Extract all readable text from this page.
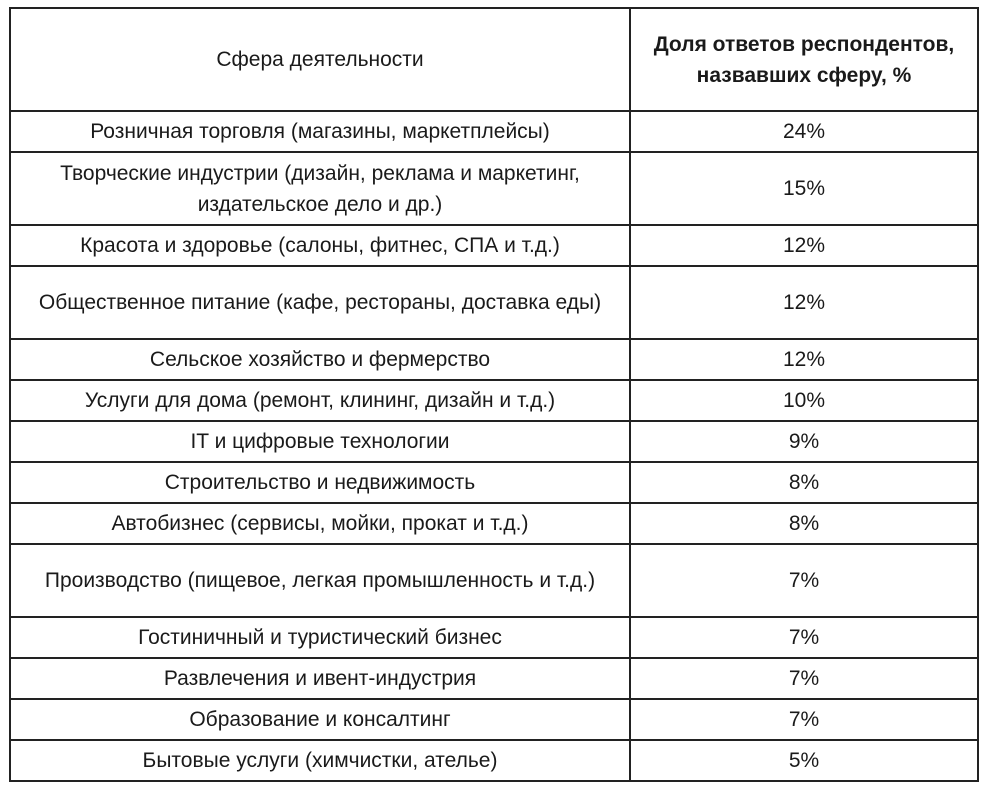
Сфера деятельности	Доля ответов респондентов, назвавших сферу, %
Розничная торговля (магазины, маркетплейсы)	24%
Творческие индустрии (дизайн, реклама и маркетинг, издательское дело и др.)	15%
Красота и здоровье (салоны, фитнес, СПА и т.д.)	12%
Общественное питание (кафе, рестораны, доставка еды)	12%
Сельское хозяйство и фермерство	12%
Услуги для дома (ремонт, клининг, дизайн и т.д.)	10%
IT и цифровые технологии	9%
Строительство и недвижимость	8%
Автобизнес (сервисы, мойки, прокат и т.д.)	8%
Производство (пищевое, легкая промышленность и т.д.)	7%
Гостиничный и туристический бизнес	7%
Развлечения и ивент-индустрия	7%
Образование и консалтинг	7%
Бытовые услуги (химчистки, ателье)	5%
